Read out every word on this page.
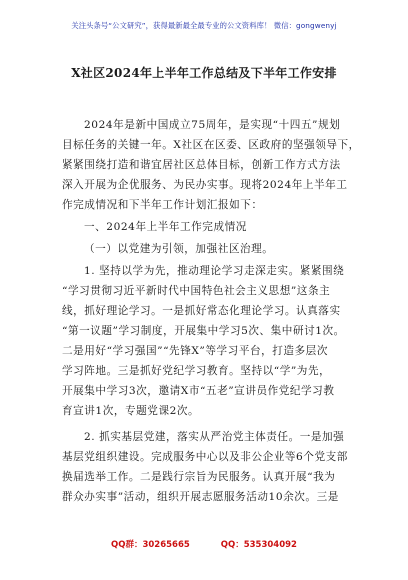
关注头条号“公文研究”，获得最新最全最专业的公文资料库！ 微信：gongwenyj
X社区2024年上半年工作总结及下半年工作安排
2024年是新中国成立75周年，是实现“十四五”规划
目标任务的关键一年。X社区在区委、区政府的坚强领导下，
紧紧围绕打造和谐宜居社区总体目标，创新工作方式方法
深入开展为企优服务、为民办实事。现将2024年上半年工
作完成情况和下半年工作计划汇报如下：
一、2024年上半年工作完成情况
（一）以党建为引领，加强社区治理。
1. 坚持以学为先，推动理论学习走深走实。紧紧围绕
“学习贯彻习近平新时代中国特色社会主义思想”这条主
线，抓好理论学习。一是抓好常态化理论学习。认真落实
“第一议题”学习制度，开展集中学习5次、集中研讨1次。
二是用好“学习强国”“先锋X”等学习平台，打造多层次
学习阵地。三是抓好党纪学习教育。坚持以“学”为先，
开展集中学习3次，邀请X市“五老”宣讲员作党纪学习教
育宣讲1次，专题党课2次。
2. 抓实基层党建，落实从严治党主体责任。一是加强
基层党组织建设。完成服务中心以及非公企业等6个党支部
换届选举工作。二是践行宗旨为民服务。认真开展“我为
群众办实事”活动，组织开展志愿服务活动10余次。三是
QQ群：30265665	QQ：535304092
